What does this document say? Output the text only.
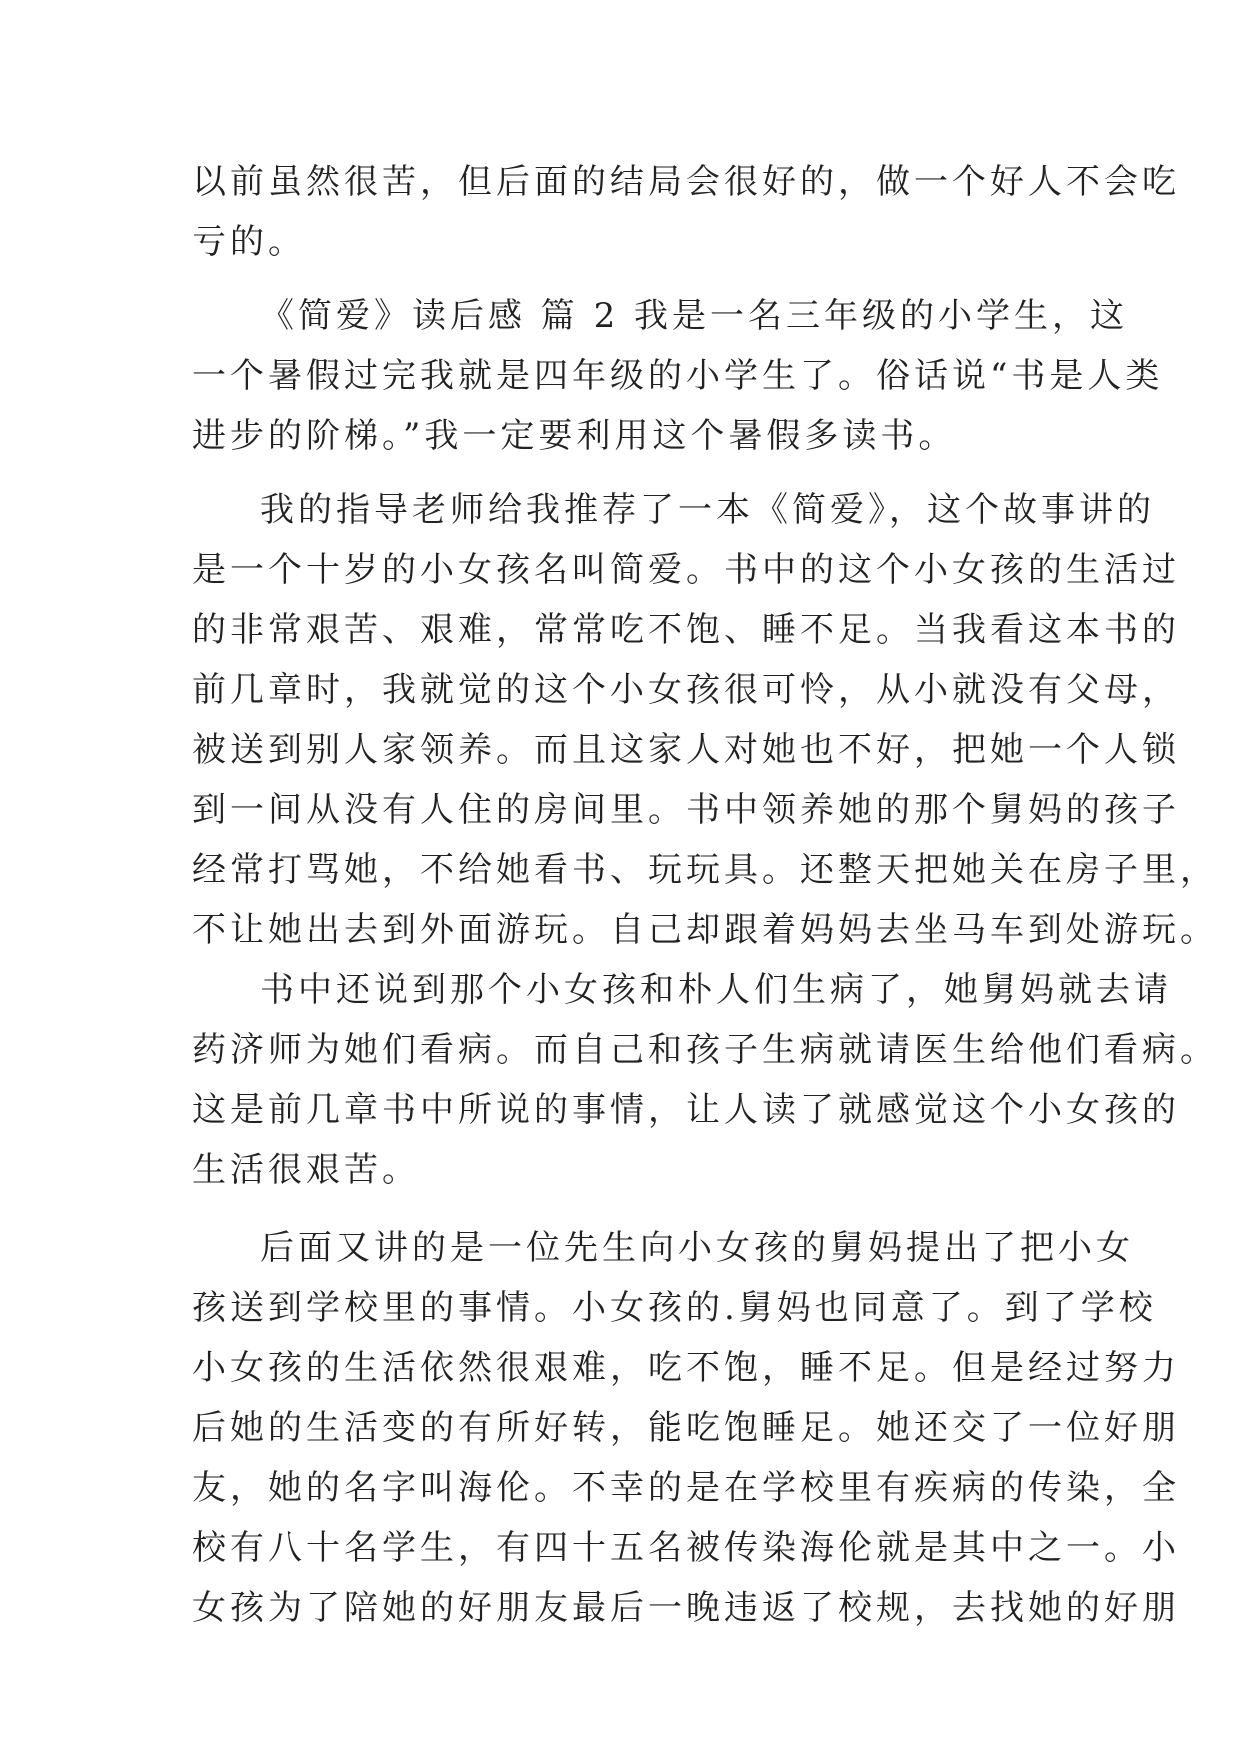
以前虽然很苦，但后面的结局会很好的，做一个好人不会吃
亏的。
《简爱》读后感 篇 2 我是一名三年级的小学生，这
一个暑假过完我就是四年级的小学生了。俗话说“书是人类
进步的阶梯。”我一定要利用这个暑假多读书。
我的指导老师给我推荐了一本《简爱》，这个故事讲的
是一个十岁的小女孩名叫简爱。书中的这个小女孩的生活过
的非常艰苦、艰难，常常吃不饱、睡不足。当我看这本书的
前几章时，我就觉的这个小女孩很可怜，从小就没有父母，
被送到别人家领养。而且这家人对她也不好，把她一个人锁
到一间从没有人住的房间里。书中领养她的那个舅妈的孩子
经常打骂她，不给她看书、玩玩具。还整天把她关在房子里，
不让她出去到外面游玩。自己却跟着妈妈去坐马车到处游玩。
书中还说到那个小女孩和朴人们生病了，她舅妈就去请
药济师为她们看病。而自己和孩子生病就请医生给他们看病。
这是前几章书中所说的事情，让人读了就感觉这个小女孩的
生活很艰苦。
后面又讲的是一位先生向小女孩的舅妈提出了把小女
孩送到学校里的事情。小女孩的.舅妈也同意了。到了学校
小女孩的生活依然很艰难，吃不饱，睡不足。但是经过努力
后她的生活变的有所好转，能吃饱睡足。她还交了一位好朋
友，她的名字叫海伦。不幸的是在学校里有疾病的传染，全
校有八十名学生，有四十五名被传染海伦就是其中之一。小
女孩为了陪她的好朋友最后一晚违返了校规，去找她的好朋
